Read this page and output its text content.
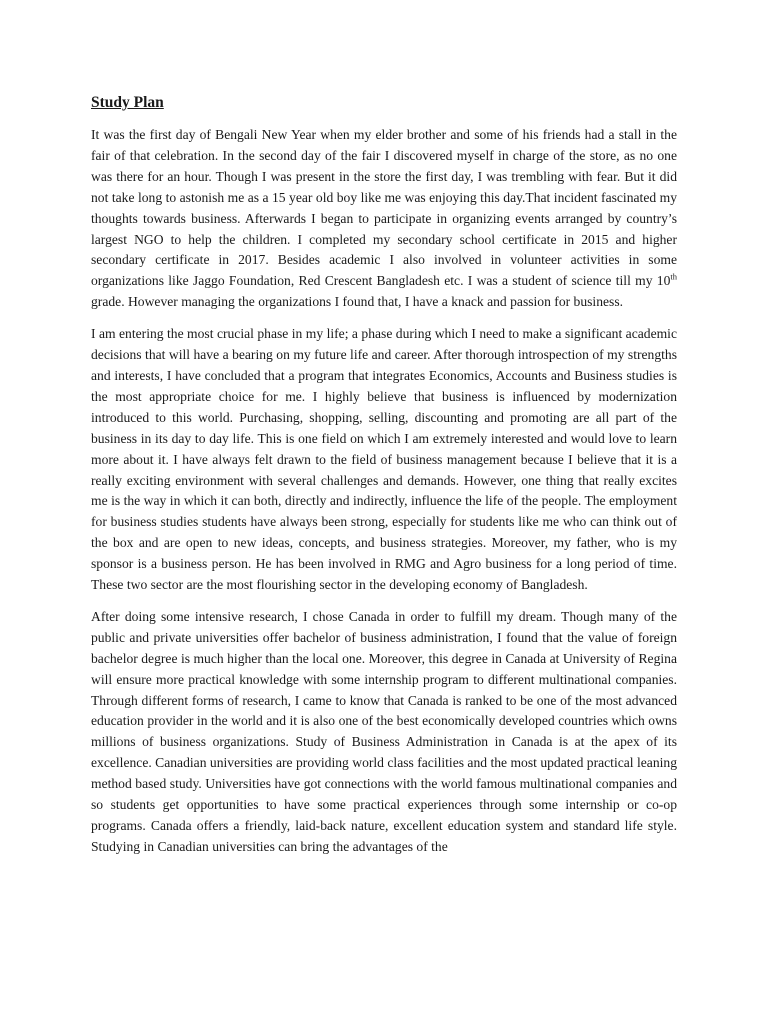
Study Plan

It was the first day of Bengali New Year when my elder brother and some of his friends had a stall in the fair of that celebration. In the second day of the fair I discovered myself in charge of the store, as no one was there for an hour. Though I was present in the store the first day, I was trembling with fear. But it did not take long to astonish me as a 15 year old boy like me was enjoying this day.That incident fascinated my thoughts towards business. Afterwards I began to participate in organizing events arranged by country’s largest NGO to help the children. I completed my secondary school certificate in 2015 and higher secondary certificate in 2017. Besides academic I also involved in volunteer activities in some organizations like Jaggo Foundation, Red Crescent Bangladesh etc. I was a student of science till my 10th grade. However managing the organizations I found that, I have a knack and passion for business.

I am entering the most crucial phase in my life; a phase during which I need to make a significant academic decisions that will have a bearing on my future life and career. After thorough introspection of my strengths and interests, I have concluded that a program that integrates Economics, Accounts and Business studies is the most appropriate choice for me. I highly believe that business is influenced by modernization introduced to this world. Purchasing, shopping, selling, discounting and promoting are all part of the business in its day to day life. This is one field on which I am extremely interested and would love to learn more about it. I have always felt drawn to the field of business management because I believe that it is a really exciting environment with several challenges and demands. However, one thing that really excites me is the way in which it can both, directly and indirectly, influence the life of the people. The employment for business studies students have always been strong, especially for students like me who can think out of the box and are open to new ideas, concepts, and business strategies. Moreover, my father, who is my sponsor is a business person. He has been involved in RMG and Agro business for a long period of time. These two sector are the most flourishing sector in the developing economy of Bangladesh.

After doing some intensive research, I chose Canada in order to fulfill my dream. Though many of the public and private universities offer bachelor of business administration, I found that the value of foreign bachelor degree is much higher than the local one. Moreover, this degree in Canada at University of Regina will ensure more practical knowledge with some internship program to different multinational companies. Through different forms of research, I came to know that Canada is ranked to be one of the most advanced education provider in the world and it is also one of the best economically developed countries which owns millions of business organizations. Study of Business Administration in Canada is at the apex of its excellence. Canadian universities are providing world class facilities and the most updated practical leaning method based study. Universities have got connections with the world famous multinational companies and so students get opportunities to have some practical experiences through some internship or co-op programs. Canada offers a friendly, laid-back nature, excellent education system and standard life style. Studying in Canadian universities can bring the advantages of the
